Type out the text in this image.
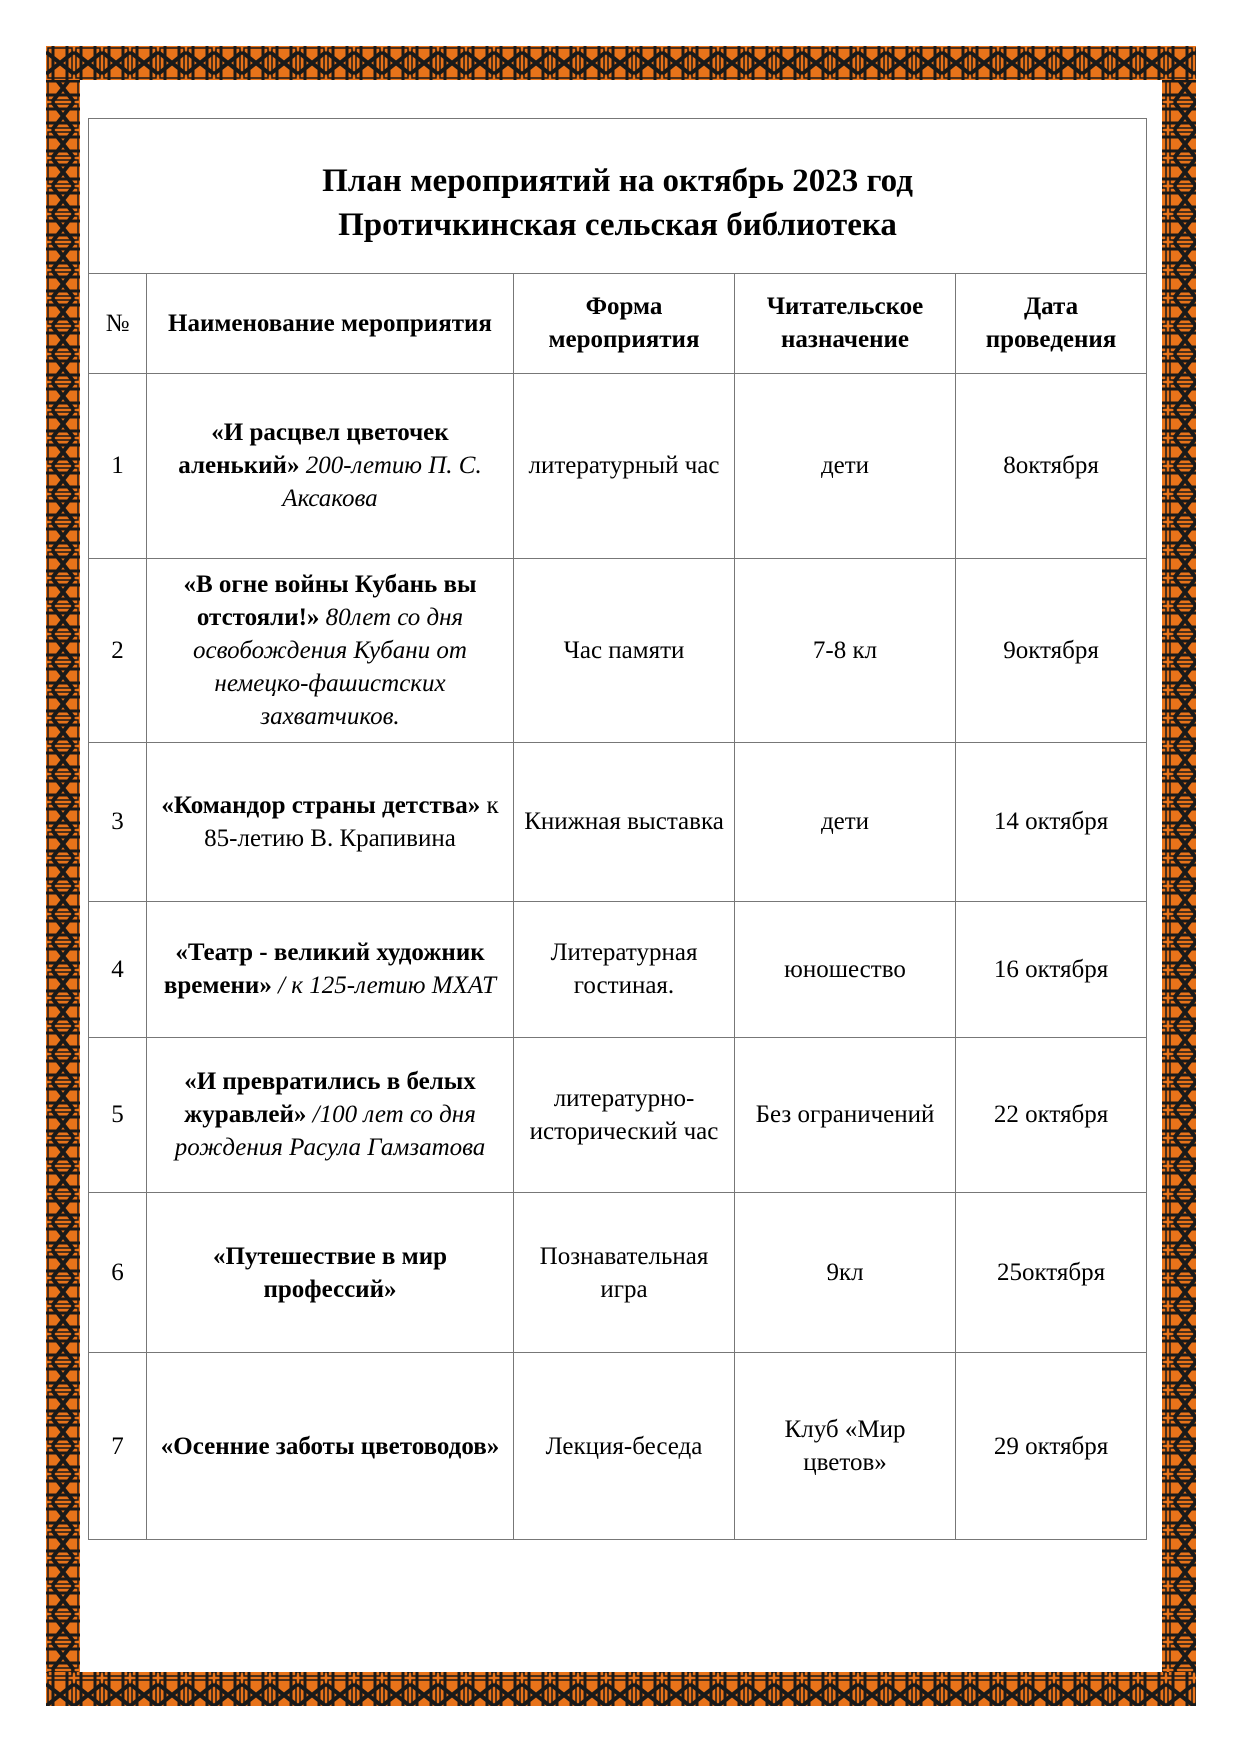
План мероприятий на октябрь 2023 год
Протичкинская сельская библиотека				

№	Наименование мероприятия	Форма мероприятия	Читательское назначение	Дата проведения
1	«И расцвел цветочек аленький» 200-летию П. С. Аксакова	литературный час	дети	8октября
2	«В огне войны Кубань вы отстояли!» 80лет со дня освобождения Кубани от немецко-фашистских захватчиков.	Час памяти	7-8 кл	9октября
3	«Командор страны детства» к 85-летию В. Крапивина	Книжная выставка	дети	14 октября
4	«Театр - великий художник времени» / к 125-летию МХАТ	Литературная гостиная.	юношество	16 октября
5	«И превратились в белых журавлей» /100 лет со дня рождения Расула Гамзатова	литературно-исторический час	Без ограничений	22 октября
6	«Путешествие в мир профессий»	Познавательная игра	9кл	25октября
7	«Осенние заботы цветоводов»	Лекция-беседа	Клуб «Мир цветов»	29 октября
